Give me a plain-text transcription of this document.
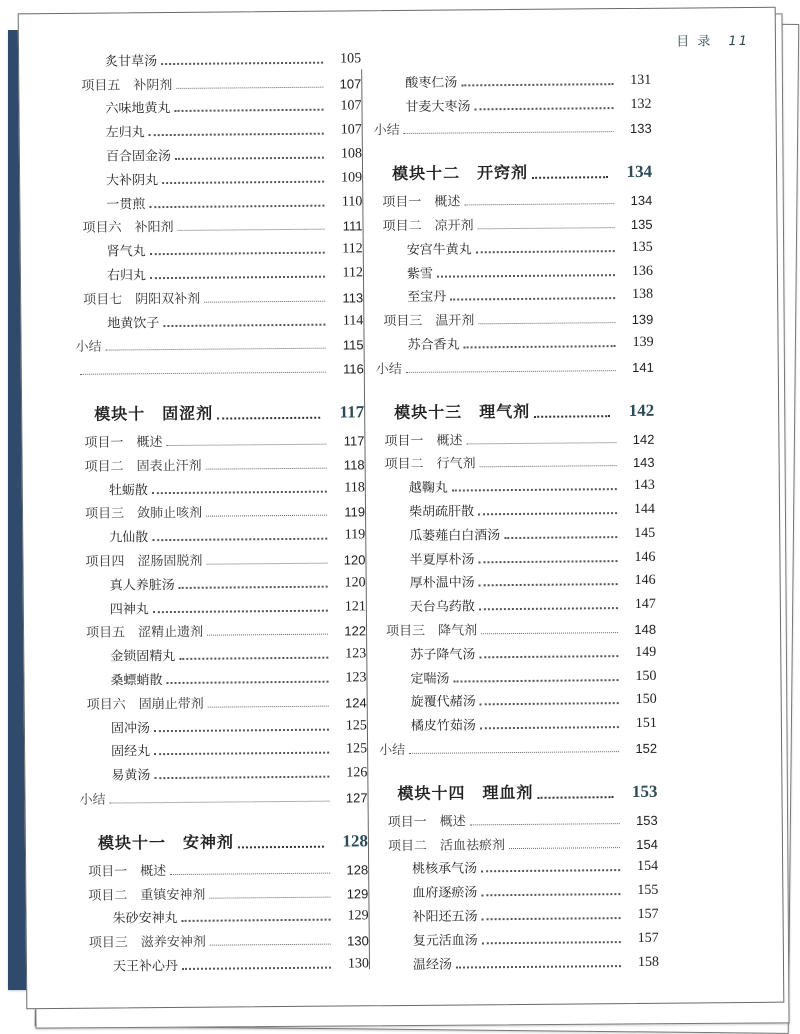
目 录 11
炙甘草汤	105
项目五　补阴剂	107
六味地黄丸	107
左归丸	107
百合固金汤	108
大补阴丸	109
一贯煎	110
项目六　补阳剂	111
肾气丸	112
右归丸	112
项目七　阴阳双补剂	113
地黄饮子	114
小结	115
116
模块十　固涩剂	117
项目一　概述	117
项目二　固表止汗剂	118
牡蛎散	118
项目三　敛肺止咳剂	119
九仙散	119
项目四　涩肠固脱剂	120
真人养脏汤	120
四神丸	121
项目五　涩精止遗剂	122
金锁固精丸	123
桑螵蛸散	123
项目六　固崩止带剂	124
固冲汤	125
固经丸	125
易黄汤	126
小结	127
模块十一　安神剂	128
项目一　概述	128
项目二　重镇安神剂	129
朱砂安神丸	129
项目三　滋养安神剂	130
天王补心丹	130
酸枣仁汤	131
甘麦大枣汤	132
小结	133
模块十二　开窍剂	134
项目一　概述	134
项目二　凉开剂	135
安宫牛黄丸	135
紫雪	136
至宝丹	138
项目三　温开剂	139
苏合香丸	139
小结	141
模块十三　理气剂	142
项目一　概述	142
项目二　行气剂	143
越鞠丸	143
柴胡疏肝散	144
瓜蒌薤白白酒汤	145
半夏厚朴汤	146
厚朴温中汤	146
天台乌药散	147
项目三　降气剂	148
苏子降气汤	149
定喘汤	150
旋覆代赭汤	150
橘皮竹茹汤	151
小结	152
模块十四　理血剂	153
项目一　概述	153
项目二　活血祛瘀剂	154
桃核承气汤	154
血府逐瘀汤	155
补阳还五汤	157
复元活血汤	157
温经汤	158
